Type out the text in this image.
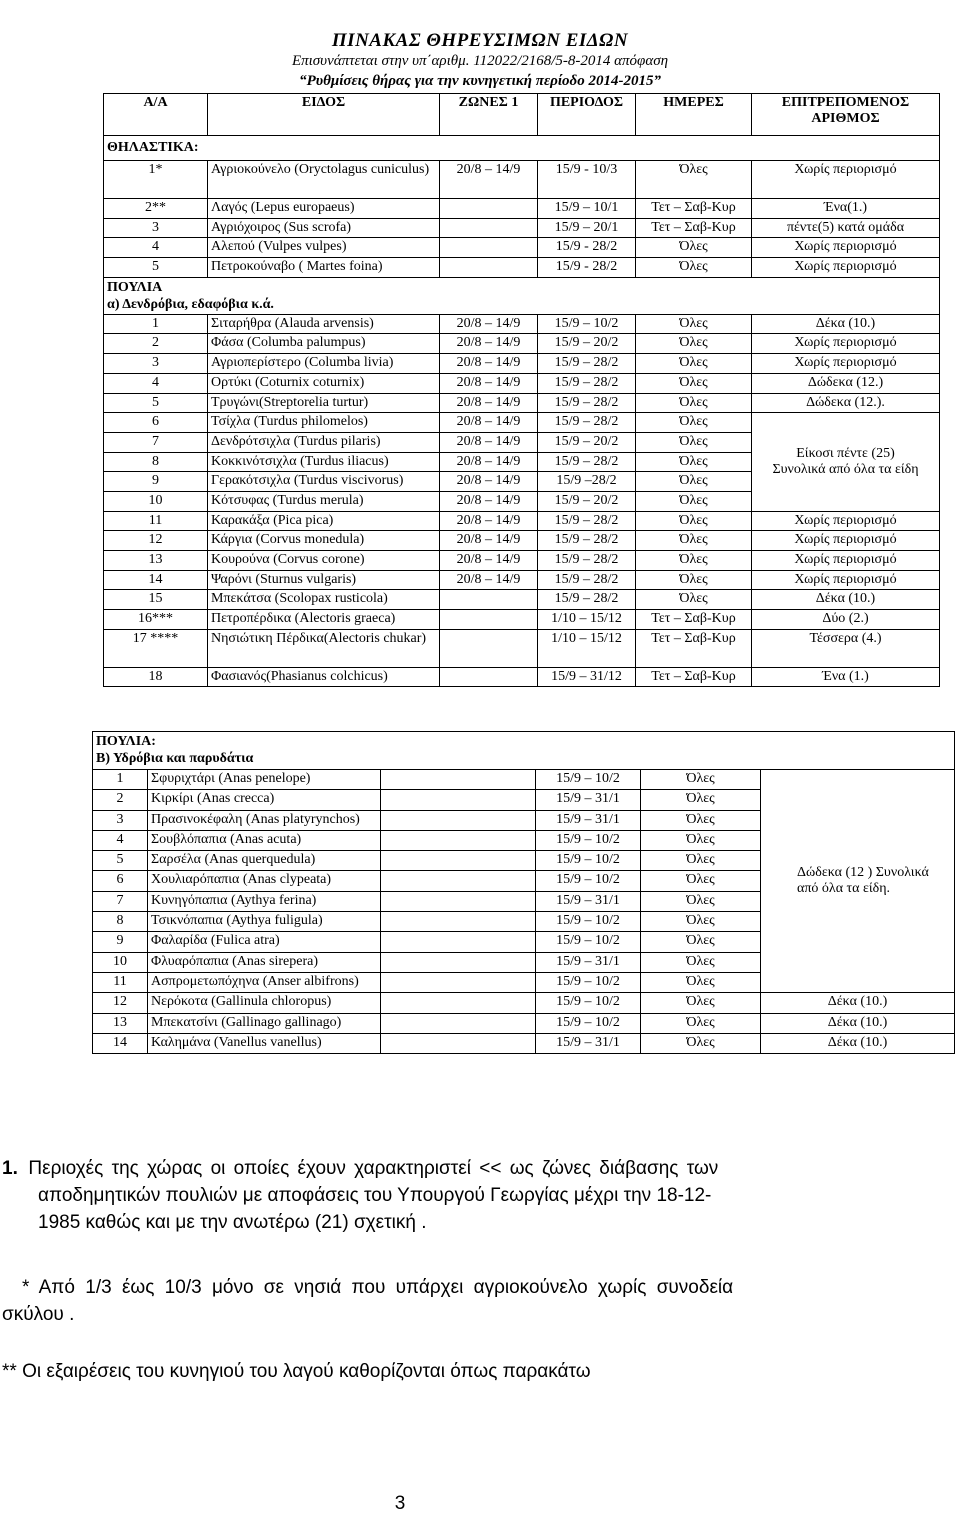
ΠΙΝΑΚΑΣ ΘΗΡΕΥΣΙΜΩΝ ΕΙΔΩΝ
Επισυνάπτεται στην υπ΄αριθμ. 112022/2168/5-8-2014 απόφαση
“Ρυθμίσεις θήρας για την κυνηγετική περίοδο 2014-2015”
Α/Α	ΕΙΔΟΣ	ΖΩΝΕΣ 1	ΠΕΡΙΟΔΟΣ	ΗΜΕΡΕΣ	ΕΠΙΤΡΕΠΟΜΕΝΟΣ ΑΡΙΘΜΟΣ
ΘΗΛΑΣΤΙΚΑ:					
1*	Αγριοκούνελο (Oryctolagus cuniculus)	20/8 – 14/9	15/9 - 10/3	Όλες	Χωρίς περιορισμό
2**	Λαγός (Lepus europaeus)		15/9 – 10/1	Τετ – Σαβ-Κυρ	Ένα(1.)
3	Αγριόχοιρος (Sus scrofa)		15/9 – 20/1	Τετ – Σαβ-Κυρ	πέντε(5) κατά ομάδα
4	Αλεπού (Vulpes vulpes)		15/9 - 28/2	Όλες	Χωρίς περιορισμό
5	Πετροκούναβο ( Martes foina)		15/9 - 28/2	Όλες	Χωρίς περιορισμό

ΠΟΥΛΙΑ
α) Δενδρόβια, εδαφόβια κ.ά.					

1	Σιταρήθρα (Alauda arvensis)	20/8 – 14/9	15/9 – 10/2	Όλες	Δέκα (10.)
2	Φάσα (Columba palumpus)	20/8 – 14/9	15/9 – 20/2	Όλες	Χωρίς περιορισμό
3	Αγριοπερίστερο (Columba livia)	20/8 – 14/9	15/9 – 28/2	Όλες	Χωρίς περιορισμό
4	Ορτύκι (Coturnix coturnix)	20/8 – 14/9	15/9 – 28/2	Όλες	Δώδεκα (12.)
5	Τρυγώνι(Streptorelia turtur)	20/8 – 14/9	15/9 – 28/2	Όλες	Δώδεκα (12.).
6	Τσίχλα (Turdus philomelos)	20/8 – 14/9	15/9 – 28/2	Όλες	Είκοσι πέντε (25) Συνολικά από όλα τα είδη
7	Δενδρότσιχλα (Turdus pilaris)	20/8 – 14/9	15/9 – 20/2	Όλες	
8	Κοκκινότσιχλα (Turdus iliacus)	20/8 – 14/9	15/9 – 28/2	Όλες	
9	Γερακότσιχλα (Turdus viscivorus)	20/8 – 14/9	15/9 –28/2	Όλες	
10	Κότσυφας (Turdus merula)	20/8 – 14/9	15/9 – 20/2	Όλες	
11	Καρακάξα (Pica pica)	20/8 – 14/9	15/9 – 28/2	Όλες	Χωρίς περιορισμό
12	Κάργια (Corvus monedula)	20/8 – 14/9	15/9 – 28/2	Όλες	Χωρίς περιορισμό
13	Κουρούνα (Corvus corone)	20/8 – 14/9	15/9 – 28/2	Όλες	Χωρίς περιορισμό
14	Ψαρόνι (Sturnus vulgaris)	20/8 – 14/9	15/9 – 28/2	Όλες	Χωρίς περιορισμό
15	Μπεκάτσα (Scolopax rusticola)		15/9 – 28/2	Όλες	Δέκα (10.)
16***	Πετροπέρδικα (Alectoris graeca)		1/10 – 15/12	Τετ – Σαβ-Κυρ	Δύο (2.)
17 ****	Νησιώτικη Πέρδικα(Alectoris chukar)		1/10 – 15/12	Τετ – Σαβ-Κυρ	Τέσσερα (4.)
18	Φασιανός(Phasianus colchicus)		15/9 – 31/12	Τετ – Σαβ-Κυρ	Ένα (1.)
ΠΟΥΛΙΑ:
Β) Υδρόβια και παρυδάτια					

1	Σφυριχτάρι (Anas penelope)		15/9 – 10/2	Όλες	Δώδεκα (12 ) Συνολικά από όλα τα είδη.
2	Κιρκίρι (Anas crecca)		15/9 – 31/1	Όλες	
3	Πρασινοκέφαλη (Anas platyrynchos)		15/9 – 31/1	Όλες	
4	Σουβλόπαπια (Anas acuta)		15/9 – 10/2	Όλες	
5	Σαρσέλα (Anas querquedula)		15/9 – 10/2	Όλες	
6	Χουλιαρόπαπια (Anas clypeata)		15/9 – 10/2	Όλες	
7	Κυνηγόπαπια (Aythya ferina)		15/9 – 31/1	Όλες	
8	Τσικνόπαπια (Aythya fuligula)		15/9 – 10/2	Όλες	
9	Φαλαρίδα (Fulica atra)		15/9 – 10/2	Όλες	
10	Φλυαρόπαπια (Anas sirepera)		15/9 – 31/1	Όλες	
11	Ασπρομετωπόχηνα (Anser albifrons)		15/9 – 10/2	Όλες	
12	Νερόκοτα (Gallinula chloropus)		15/9 – 10/2	Όλες	Δέκα (10.)
13	Μπεκατσίνι (Gallinago gallinago)		15/9 – 10/2	Όλες	Δέκα (10.)
14	Καλημάνα (Vanellus vanellus)		15/9 – 31/1	Όλες	Δέκα (10.)
1. Περιοχές της χώρας οι οποίες έχουν χαρακτηριστεί << ως ζώνες διάβασης των
αποδημητικών πουλιών με αποφάσεις του Υπουργού Γεωργίας μέχρι την 18-12-
1985 καθώς και με την ανωτέρω (21) σχετική .
* Από 1/3 έως 10/3 μόνο σε νησιά που υπάρχει αγριοκούνελο χωρίς συνοδεία
σκύλου .
** Οι εξαιρέσεις του κυνηγιού του λαγού καθορίζονται όπως παρακάτω
3
